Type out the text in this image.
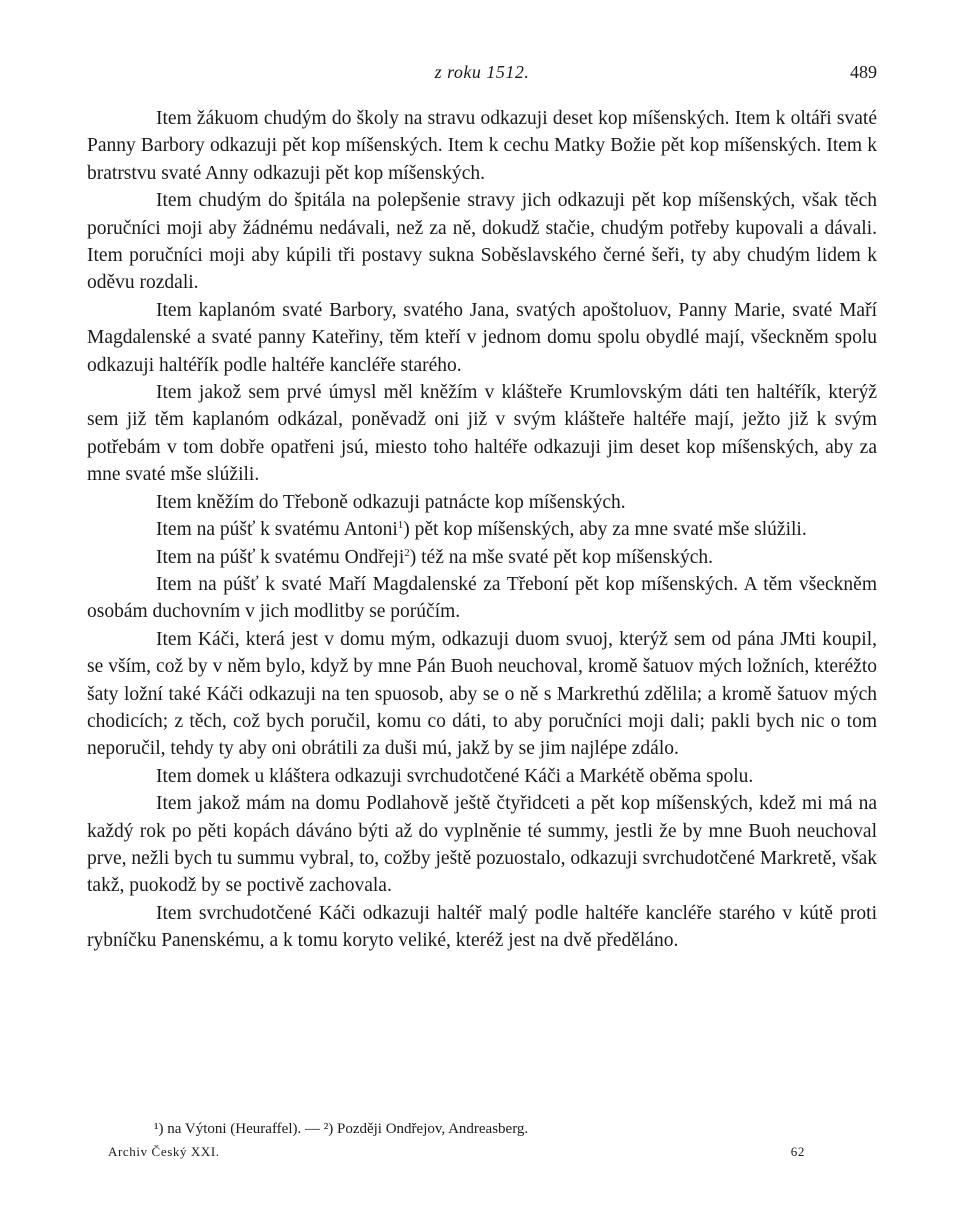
z roku 1512.	489

Item žákuom chudým do školy na stravu odkazuji deset kop míšenských. Item k oltáři svaté Panny Barbory odkazuji pět kop míšenských. Item k cechu Matky Božie pět kop míšenských. Item k bratrstvu svaté Anny odkazuji pět kop míšenských.

Item chudým do špitála na polepšenie stravy jich odkazuji pět kop míšenských, však těch poručníci moji aby žádnému nedávali, než za ně, dokudž stačie, chudým potřeby kupovali a dávali. Item poručníci moji aby kúpili tři postavy sukna Soběslavského černé šeři, ty aby chudým lidem k oděvu rozdali.

Item kaplanóm svaté Barbory, svatého Jana, svatých apoštoluov, Panny Marie, svaté Maří Magdalenské a svaté panny Kateřiny, těm kteří v jednom domu spolu obydlé mají, všeckněm spolu odkazuji haltéřík podle haltéře kancléře starého.

Item jakož sem prvé úmysl měl kněžím v klášteře Krumlovským dáti ten haltéřík, kterýž sem již těm kaplanóm odkázal, poněvadž oni již v svým klášteře haltéře mají, ježto již k svým potřebám v tom dobře opatřeni jsú, miesto toho haltéře odkazuji jim deset kop míšenských, aby za mne svaté mše slúžili.

Item kněžím do Třeboně odkazuji patnácte kop míšenských.

Item na púšť k svatému Antoni$^1$) pět kop míšenských, aby za mne svaté mše slúžili.

Item na púšť k svatému Ondřeji$^2$) též na mše svaté pět kop míšenských.

Item na púšť k svaté Maří Magdalenské za Třeboní pět kop míšenských. A těm všeckněm osobám duchovním v jich modlitby se porúčím.

Item Káči, která jest v domu mým, odkazuji duom svuoj, kterýž sem od pána JMti koupil, se vším, což by v něm bylo, když by mne Pán Buoh neuchoval, kromě šatuov mých ložních, kteréžto šaty ložní také Káči odkazuji na ten spuosob, aby se o ně s Markrethú zdělila; a kromě šatuov mých chodicích; z těch, což bych poručil, komu co dáti, to aby poručníci moji dali; pakli bych nic o tom neporučil, tehdy ty aby oni obrátili za duši mú, jakž by se jim najlépe zdálo.

Item domek u kláštera odkazuji svrchudotčené Káči a Markétě oběma spolu.

Item jakož mám na domu Podlahově ještě čtyřidceti a pět kop míšenských, kdež mi má na každý rok po pěti kopách dáváno býti až do vyplněnie té summy, jestli že by mne Buoh neuchoval prve, nežli bych tu summu vybral, to, cožby ještě pozuostalo, odkazuji svrchudotčené Markretě, však takž, puokodž by se poctivě zachovala.

Item svrchudotčené Káči odkazuji haltéř malý podle haltéře kancléře starého v kútě proti rybníčku Panenskému, a k tomu koryto veliké, kteréž jest na dvě předěláno.

¹) na Výtoni (Heuraffel). — ²) Později Ondřejov, Andreasberg.
Archiv Český XXI.	62
